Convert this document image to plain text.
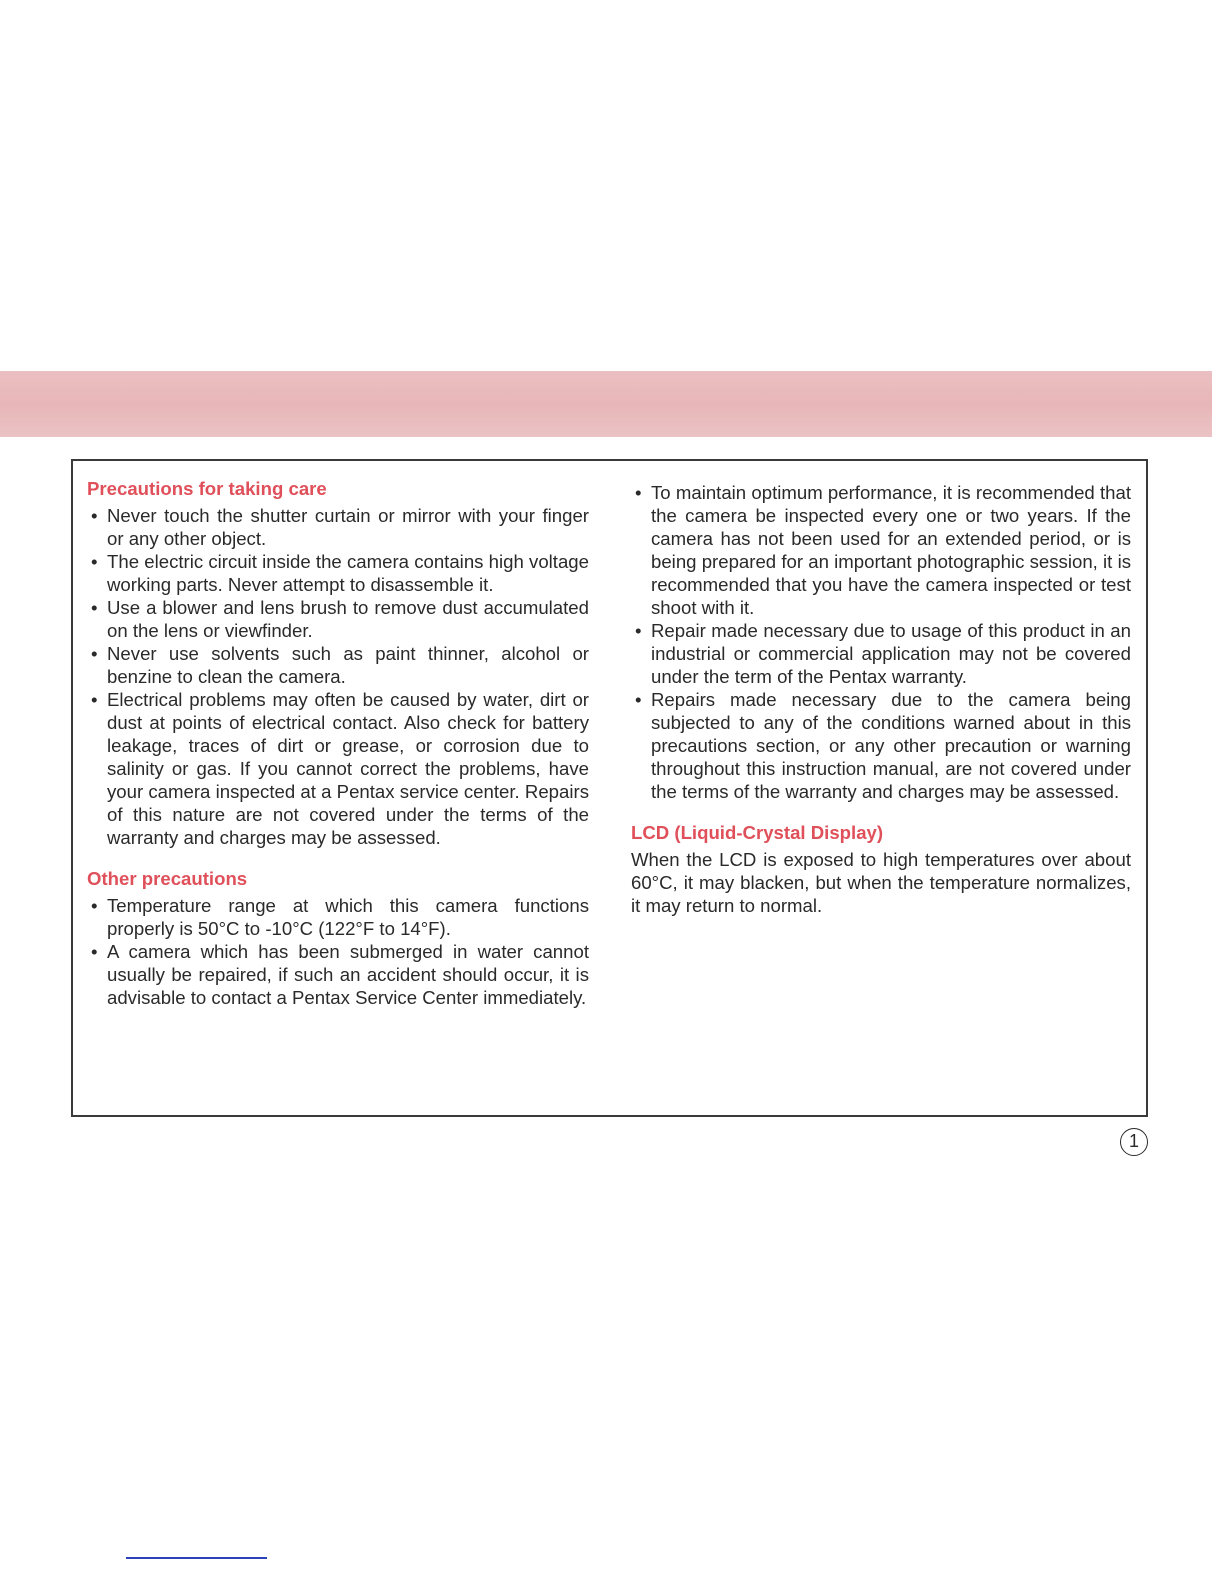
Precautions for taking care
• Never touch the shutter curtain or mirror with your finger or any other object.
• The electric circuit inside the camera contains high voltage working parts. Never attempt to disassemble it.
• Use a blower and lens brush to remove dust accumulated on the lens or viewfinder.
• Never use solvents such as paint thinner, alcohol or benzine to clean the camera.
• Electrical problems may often be caused by water, dirt or dust at points of electrical contact. Also check for battery leakage, traces of dirt or grease, or corrosion due to salinity or gas. If you cannot correct the problems, have your camera inspected at a Pentax service center. Repairs of this nature are not covered under the terms of the warranty and charges may be assessed.
Other precautions
• Temperature range at which this camera functions properly is 50°C to -10°C (122°F to 14°F).
• A camera which has been submerged in water cannot usually be repaired, if such an accident should occur, it is advisable to contact a Pentax Service Center immediately.
• To maintain optimum performance, it is recommended that the camera be inspected every one or two years. If the camera has not been used for an extended period, or is being prepared for an important photographic session, it is recommended that you have the camera inspected or test shoot with it.
• Repair made necessary due to usage of this product in an industrial or commercial application may not be covered under the term of the Pentax warranty.
• Repairs made necessary due to the camera being subjected to any of the conditions warned about in this precautions section, or any other precaution or warning throughout this instruction manual, are not covered under the terms of the warranty and charges may be assessed.
LCD (Liquid-Crystal Display)

When the LCD is exposed to high temperatures over about 60°C, it may blacken, but when the temperature normalizes, it may return to normal.

1
